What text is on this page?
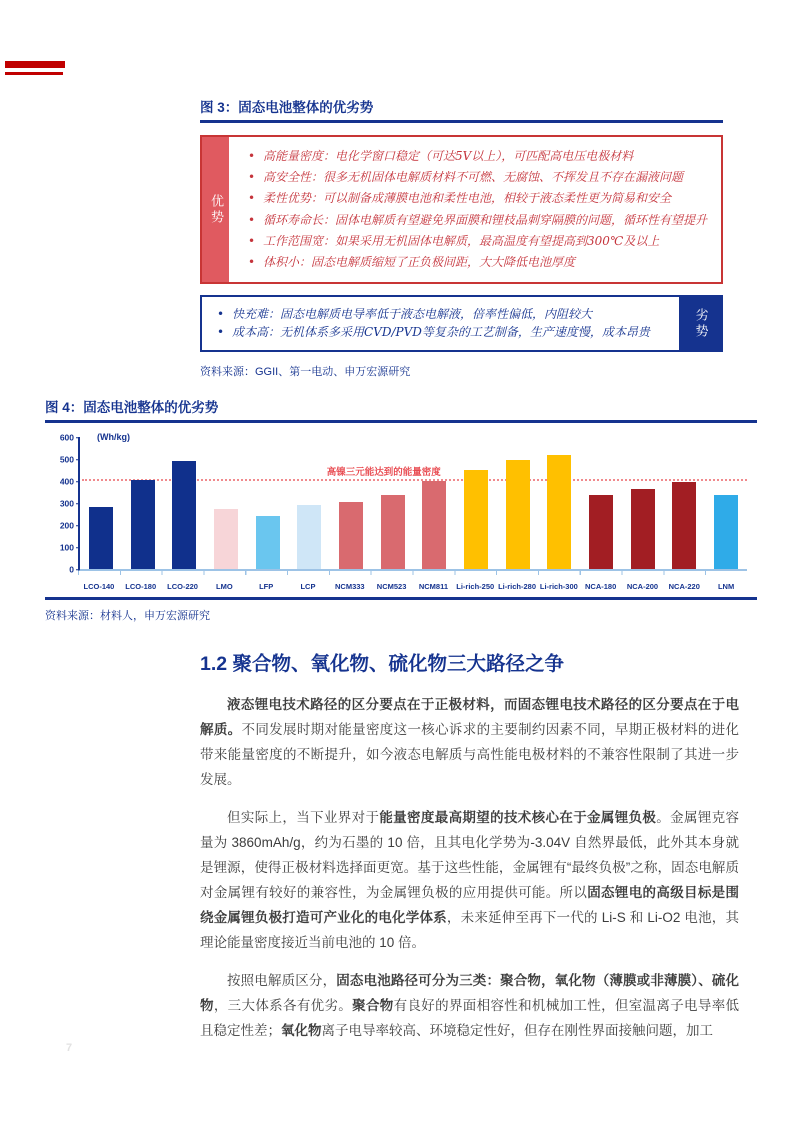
图 3：固态电池整体的优劣势
优势
• 高能量密度：电化学窗口稳定（可达5V以上），可匹配高电压电极材料
• 高安全性：很多无机固体电解质材料不可燃、无腐蚀、不挥发且不存在漏液问题
• 柔性优势：可以制备成薄膜电池和柔性电池，相较于液态柔性更为简易和安全
• 循环寿命长：固体电解质有望避免界面膜和锂枝晶刺穿隔膜的问题，循环性有望提升
• 工作范围宽：如果采用无机固体电解质，最高温度有望提高到300℃及以上
• 体积小：固态电解质缩短了正负极间距，大大降低电池厚度
• 快充难：固态电解质电导率低于液态电解液，倍率性偏低，内阻较大
• 成本高：无机体系多采用CVD/PVD等复杂的工艺制备，生产速度慢，成本昂贵	劣势
资料来源：GGII、第一电动、申万宏源研究
图 4：固态电池整体的优劣势
(Wh/kg)
高镍三元能达到的能量密度
0
100
200
300
400
500
600
LCO-140	LCO-180	LCO-220	LMO	LFP	LCP	NCM333	NCM523	NCM811	Li-rich-250 Li-rich-280 Li-rich-300 NCA-180	NCA-200	NCA-220	LNM
资料来源：材料人，申万宏源研究
1.2 聚合物、氧化物、硫化物三大路径之争

液态锂电技术路径的区分要点在于正极材料，而固态锂电技术路径的区分要点在于电解质。不同发展时期对能量密度这一核心诉求的主要制约因素不同，早期正极材料的进化带来能量密度的不断提升，如今液态电解质与高性能电极材料的不兼容性限制了其进一步发展。

但实际上，当下业界对于能量密度最高期望的技术核心在于金属锂负极。金属锂克容量为 3860mAh/g，约为石墨的 10 倍，且其电化学势为-3.04V 自然界最低，此外其本身就是锂源，使得正极材料选择面更宽。基于这些性能，金属锂有“最终负极”之称，固态电解质对金属锂有较好的兼容性，为金属锂负极的应用提供可能。所以固态锂电的高级目标是围绕金属锂负极打造可产业化的电化学体系，未来延伸至再下一代的 Li-S 和 Li-O2 电池，其理论能量密度接近当前电池的 10 倍。

按照电解质区分，固态电池路径可分为三类：聚合物，氧化物（薄膜或非薄膜）、硫化物，三大体系各有优劣。聚合物有良好的界面相容性和机械加工性，但室温离子电导率低且稳定性差；氧化物离子电导率较高、环境稳定性好，但存在刚性界面接触问题，加工

7
